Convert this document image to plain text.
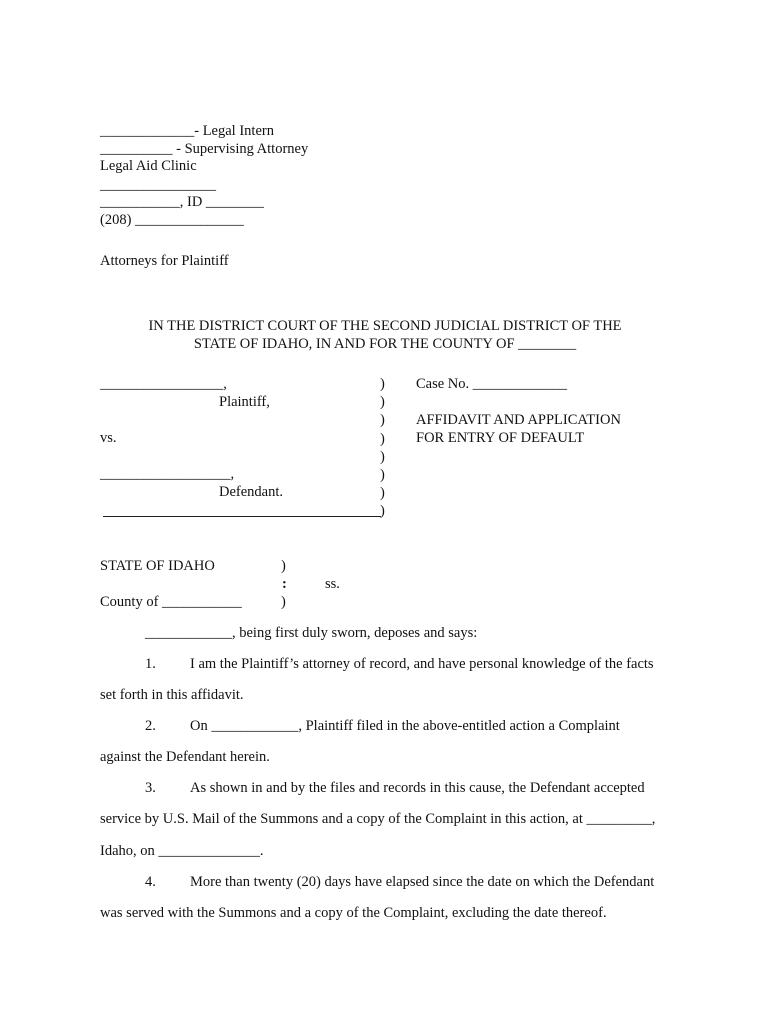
_____________- Legal Intern

__________ - Supervising Attorney

Legal Aid Clinic

________________

___________, ID ________

(208) _______________

Attorneys for Plaintiff

IN THE DISTRICT COURT OF THE SECOND JUDICIAL DISTRICT OF THE

STATE OF IDAHO, IN AND FOR THE COUNTY OF ________

_________________,

Plaintiff,

vs.

__________________,

Defendant.

)
)
)
)
)
)
)
)

Case No. _____________

AFFIDAVIT AND APPLICATION

FOR ENTRY OF DEFAULT

STATE OF IDAHO

County of ___________

)

:

)

ss.

____________, being first duly sworn, deposes and says:

1. I am the Plaintiff’s attorney of record, and have personal knowledge of the facts

set forth in this affidavit.

2. On ____________, Plaintiff filed in the above-entitled action a Complaint

against the Defendant herein.

3. As shown in and by the files and records in this cause, the Defendant accepted

service by U.S. Mail of the Summons and a copy of the Complaint in this action, at _________,

Idaho, on ______________.

4. More than twenty (20) days have elapsed since the date on which the Defendant

was served with the Summons and a copy of the Complaint, excluding the date thereof.
